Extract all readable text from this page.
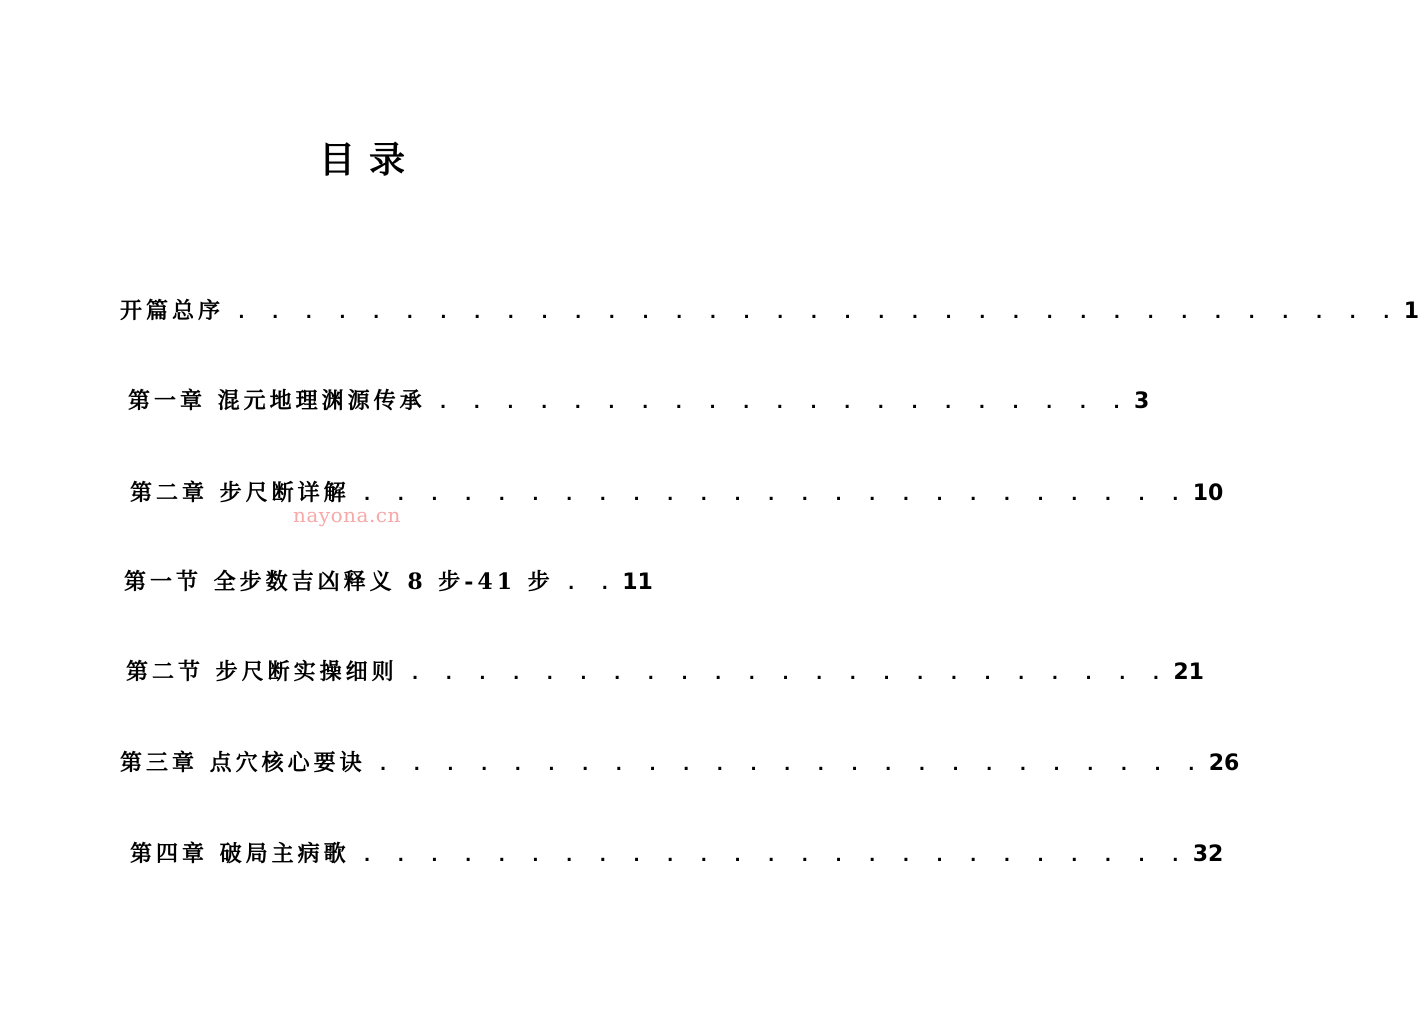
目录
开篇总序 . . . . . . . . . . . . . . . . . . . . . . . . . . . . . . . . . . . 1
第一章 混元地理渊源传承 . . . . . . . . . . . . . . . . . . . . . 3
第二章 步尺断详解 . . . . . . . . . . . . . . . . . . . . . . . . . 10
第一节 全步数吉凶释义 8 步-41 步 . . 11
第二节 步尺断实操细则 . . . . . . . . . . . . . . . . . . . . . . . 21
第三章 点穴核心要诀 . . . . . . . . . . . . . . . . . . . . . . . . . 26
第四章 破局主病歌 . . . . . . . . . . . . . . . . . . . . . . . . . 32
nayona.cn
